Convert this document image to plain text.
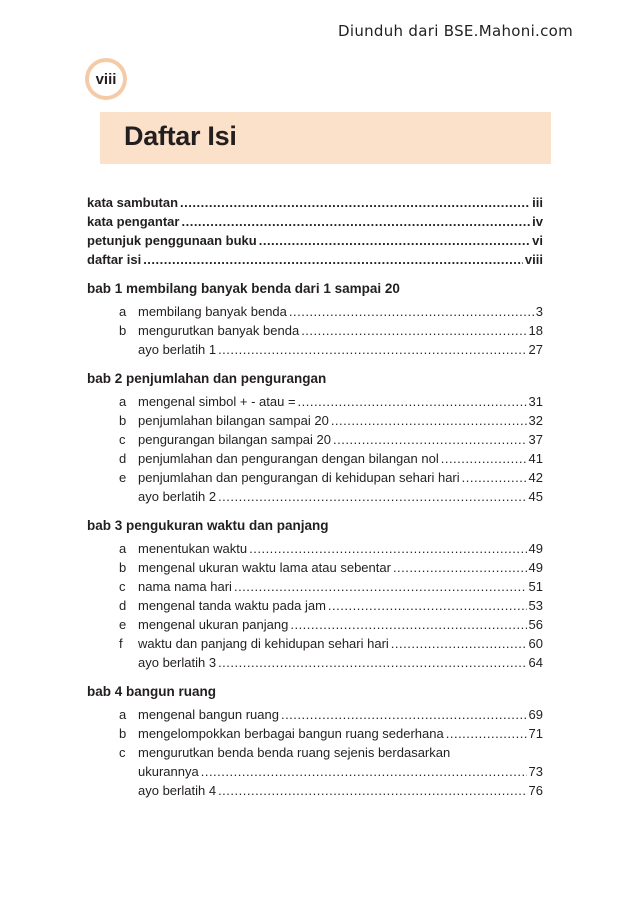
Diunduh dari BSE.Mahoni.com
viii
Daftar Isi
kata sambutan .....	iii
kata pengantar .....	iv
petunjuk penggunaan buku .....	vi
daftar isi .....	viii
bab 1 membilang banyak benda dari 1 sampai 20
a membilang banyak benda .....	3
b mengurutkan banyak benda .....	18
ayo berlatih 1 .....	27
bab 2 penjumlahan dan pengurangan
a mengenal simbol + - atau = .....	31
b penjumlahan bilangan sampai 20 .....	32
c pengurangan bilangan sampai 20 .....	37
d penjumlahan dan pengurangan dengan bilangan nol .....	41
e penjumlahan dan pengurangan di kehidupan sehari hari .....	42
ayo berlatih 2 .....	45
bab 3 pengukuran waktu dan panjang
a menentukan waktu .....	49
b mengenal ukuran waktu lama atau sebentar .....	49
c nama nama hari .....	51
d mengenal tanda waktu pada jam .....	53
e mengenal ukuran panjang .....	56
f waktu dan panjang di kehidupan sehari hari .....	60
ayo berlatih 3 .....	64
bab 4 bangun ruang
a mengenal bangun ruang .....	69
b mengelompokkan berbagai bangun ruang sederhana .....	71
c mengurutkan benda benda ruang sejenis berdasarkan
ukurannya .....	73
ayo berlatih 4 .....	76
